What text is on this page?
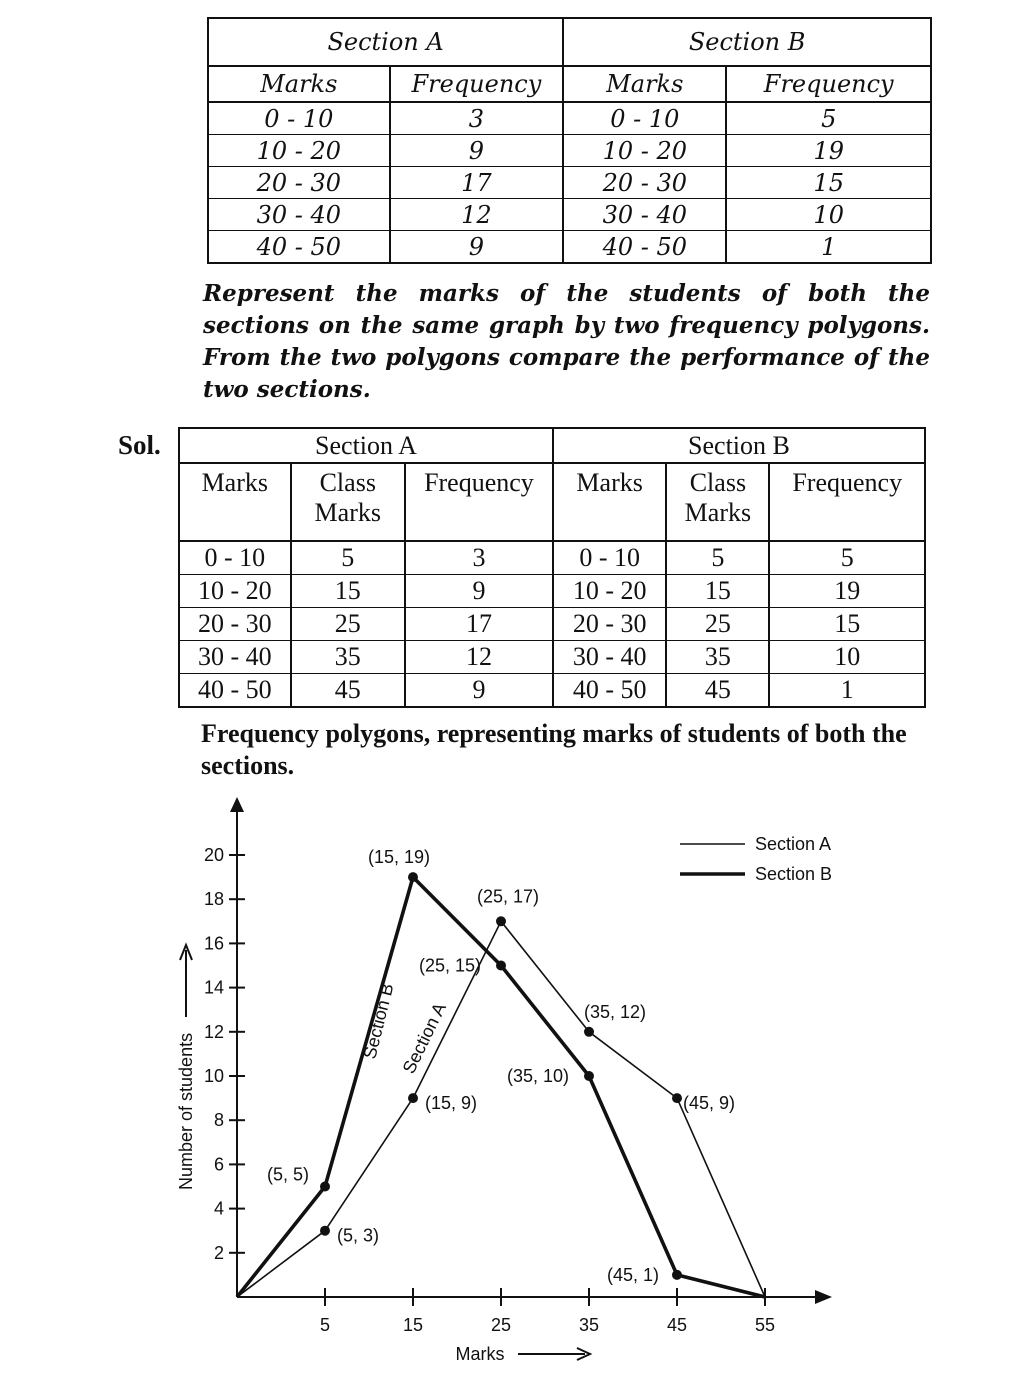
Section A		Section B	
Marks	Frequency	Marks	Frequency
0 - 10	3	0 - 10	5
10 - 20	9	10 - 20	19
20 - 30	17	20 - 30	15
30 - 40	12	30 - 40	10
40 - 50	9	40 - 50	1
Represent the marks of the students of both the sections on the same graph by two frequency polygons. From the two polygons compare the performance of the two sections.
Sol.	Section A			Section B		
Marks	Class Marks	Frequency	Marks	Class Marks	Frequency
0 - 10	5	3	0 - 10	5	5
10 - 20	15	9	10 - 20	15	19
20 - 30	25	17	20 - 30	25	15
30 - 40	35	12	30 - 40	35	10
40 - 50	45	9	40 - 50	45	1
Frequency polygons, representing marks of students of both the sections.
2
4
6
8
10
12
14
16
18
20
5	15	25	35	45	55
Marks
Number of students
(5, 3)
(15, 9)
(25, 17)
(35, 12)
(45, 9)
(5, 5)
(15, 19)
(25, 15)
(35, 10)
(45, 1)
Section B Section A
Section A
Section B
